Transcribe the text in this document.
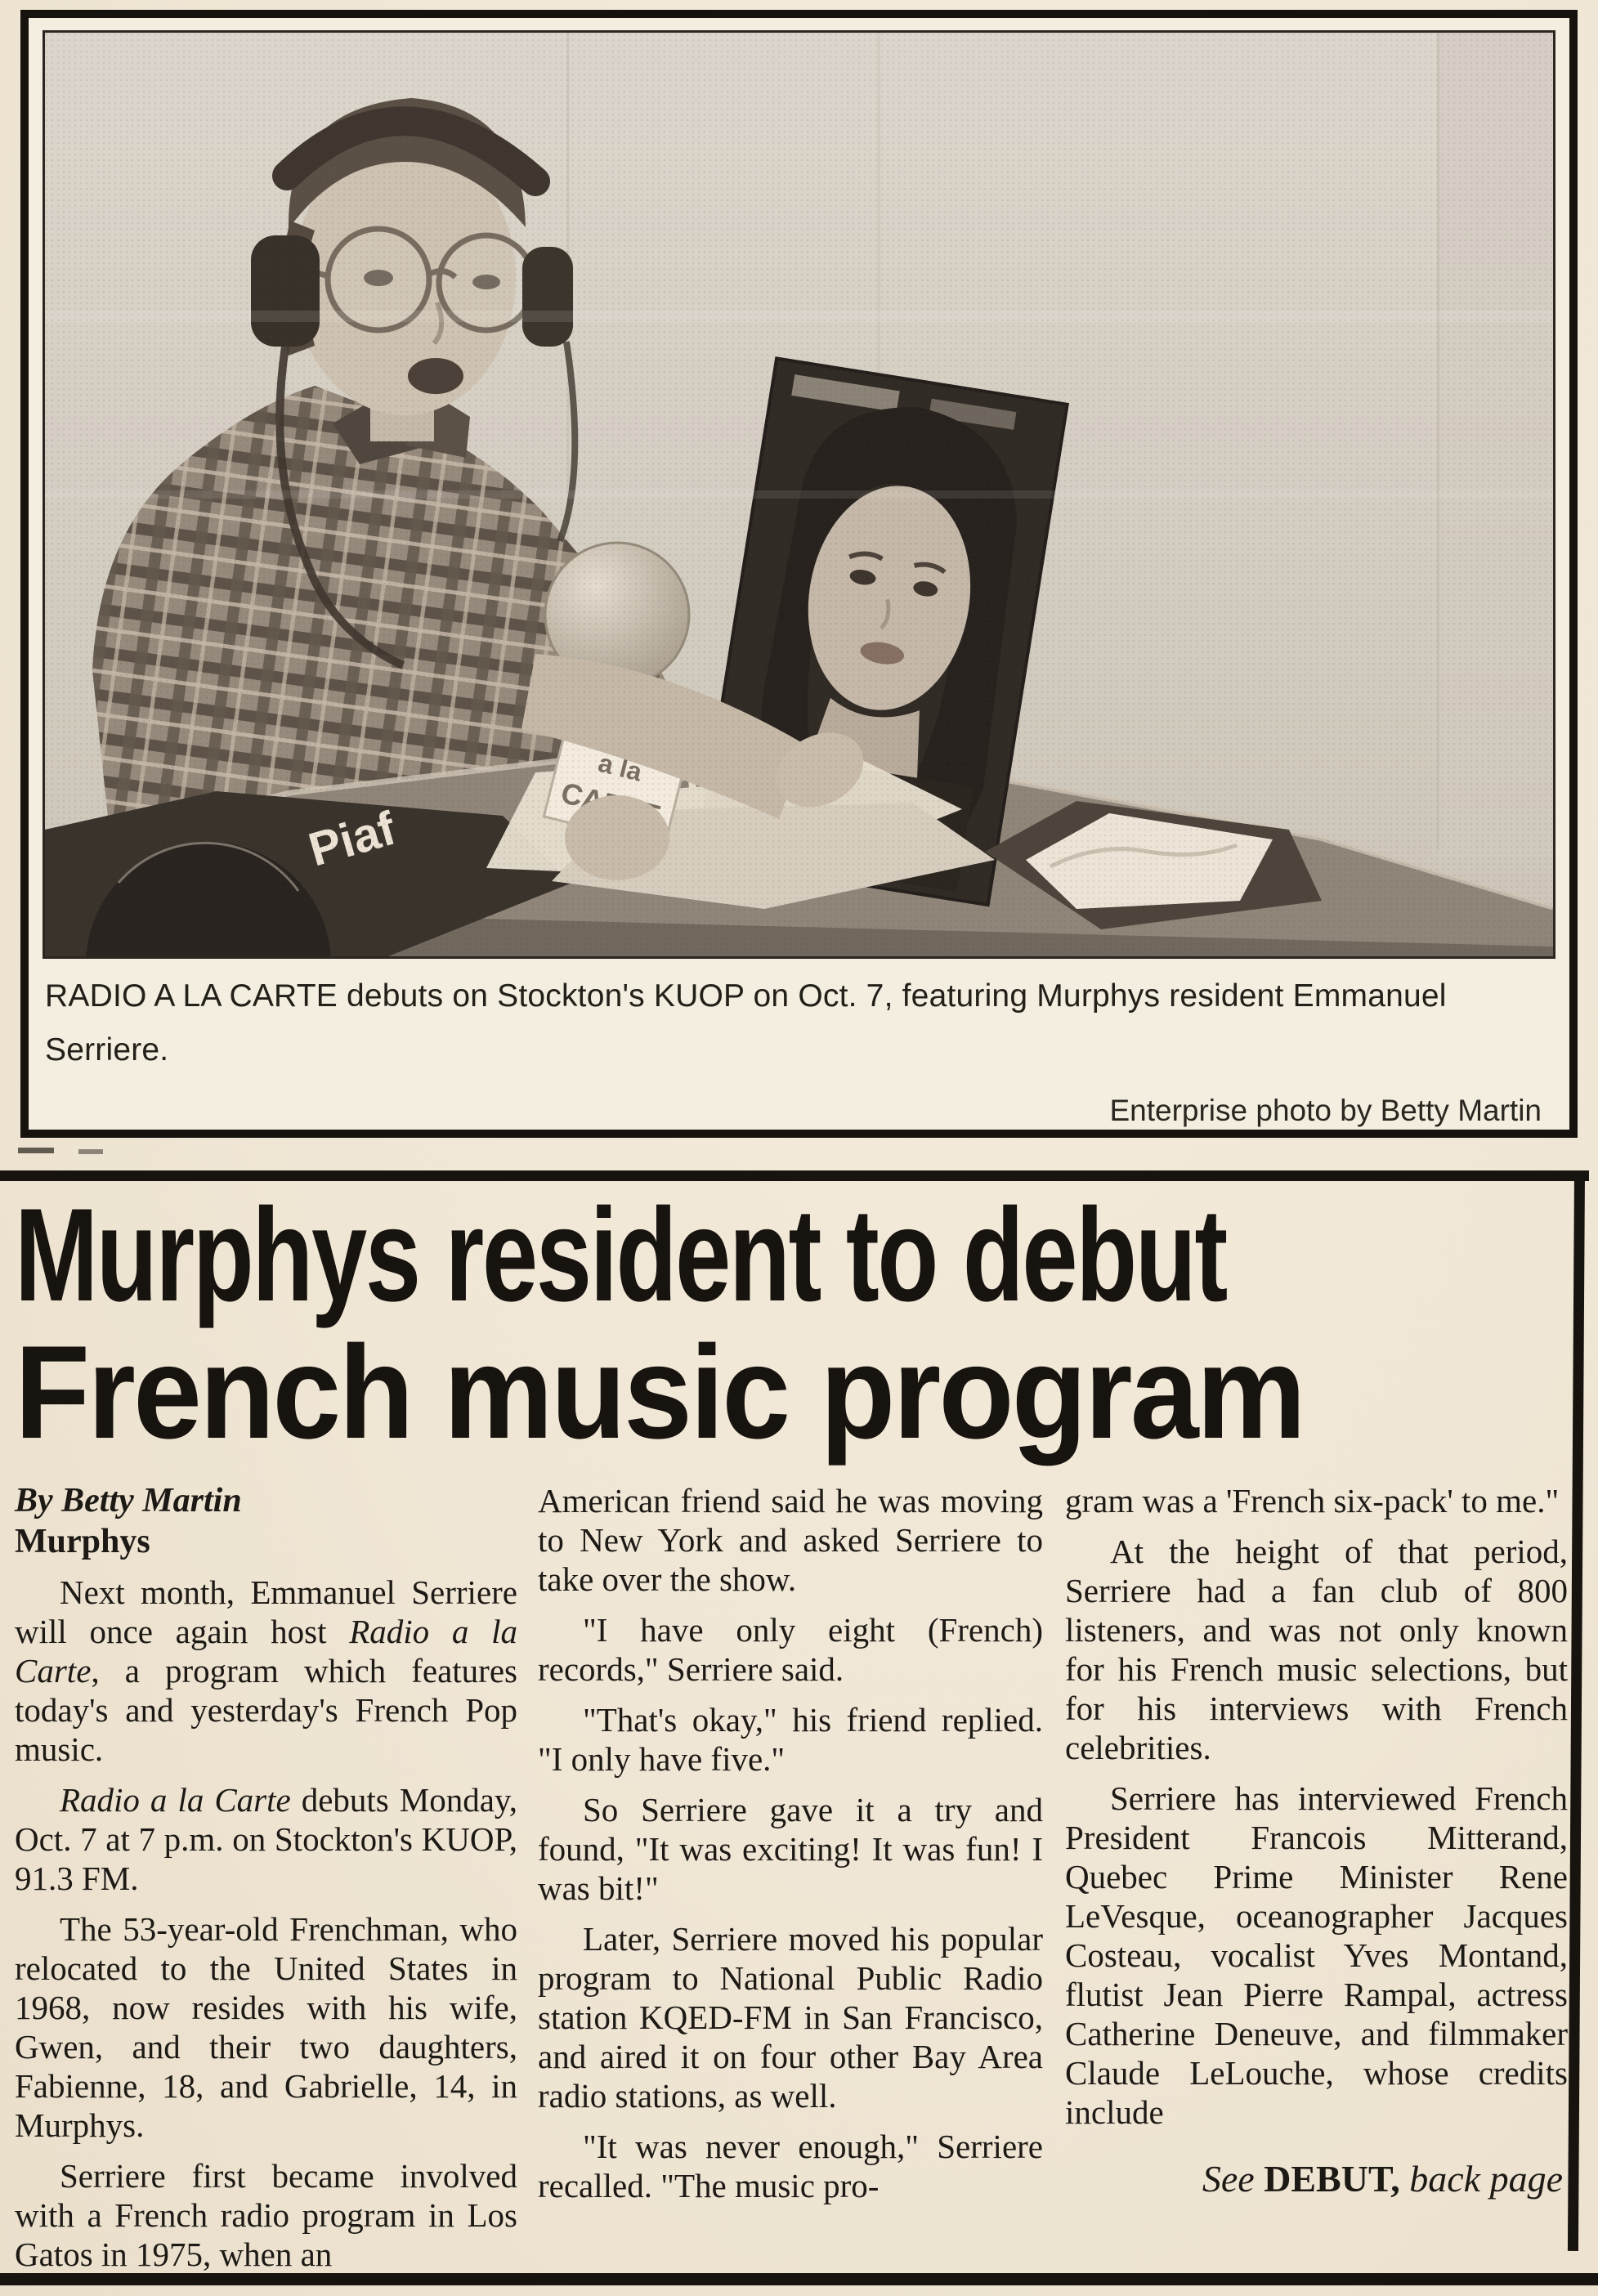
RADIO A LA CARTE debuts on Stockton's KUOP on Oct. 7, featuring Murphys resident Emmanuel Serriere.
Enterprise photo by Betty Martin
Murphys resident to debut
French music program

By Betty Martin

Murphys

Next month, Emmanuel Serriere will once again host Radio a la Carte, a program which features today's and yesterday's French Pop music.

Radio a la Carte debuts Monday, Oct. 7 at 7 p.m. on Stockton's KUOP, 91.3 FM.

The 53-year-old Frenchman, who relocated to the United States in 1968, now resides with his wife, Gwen, and their two daughters, Fabienne, 18, and Gabrielle, 14, in Murphys.

Serriere first became involved with a French radio program in Los Gatos in 1975, when an

American friend said he was moving to New York and asked Serriere to take over the show.

"I have only eight (French) records," Serriere said.

"That's okay," his friend replied. "I only have five."

So Serriere gave it a try and found, "It was exciting! It was fun! I was bit!"

Later, Serriere moved his popular program to National Public Radio station KQED-FM in San Francisco, and aired it on four other Bay Area radio stations, as well.

"It was never enough," Serriere recalled. "The music pro-

gram was a 'French six-pack' to me."

At the height of that period, Serriere had a fan club of 800 listeners, and was not only known for his French music selections, but for his interviews with French celebrities.

Serriere has interviewed French President Francois Mitterand, Quebec Prime Minister Rene LeVesque, oceanographer Jacques Costeau, vocalist Yves Montand, flutist Jean Pierre Rampal, actress Catherine Deneuve, and filmmaker Claude LeLouche, whose credits include

See DEBUT, back page
